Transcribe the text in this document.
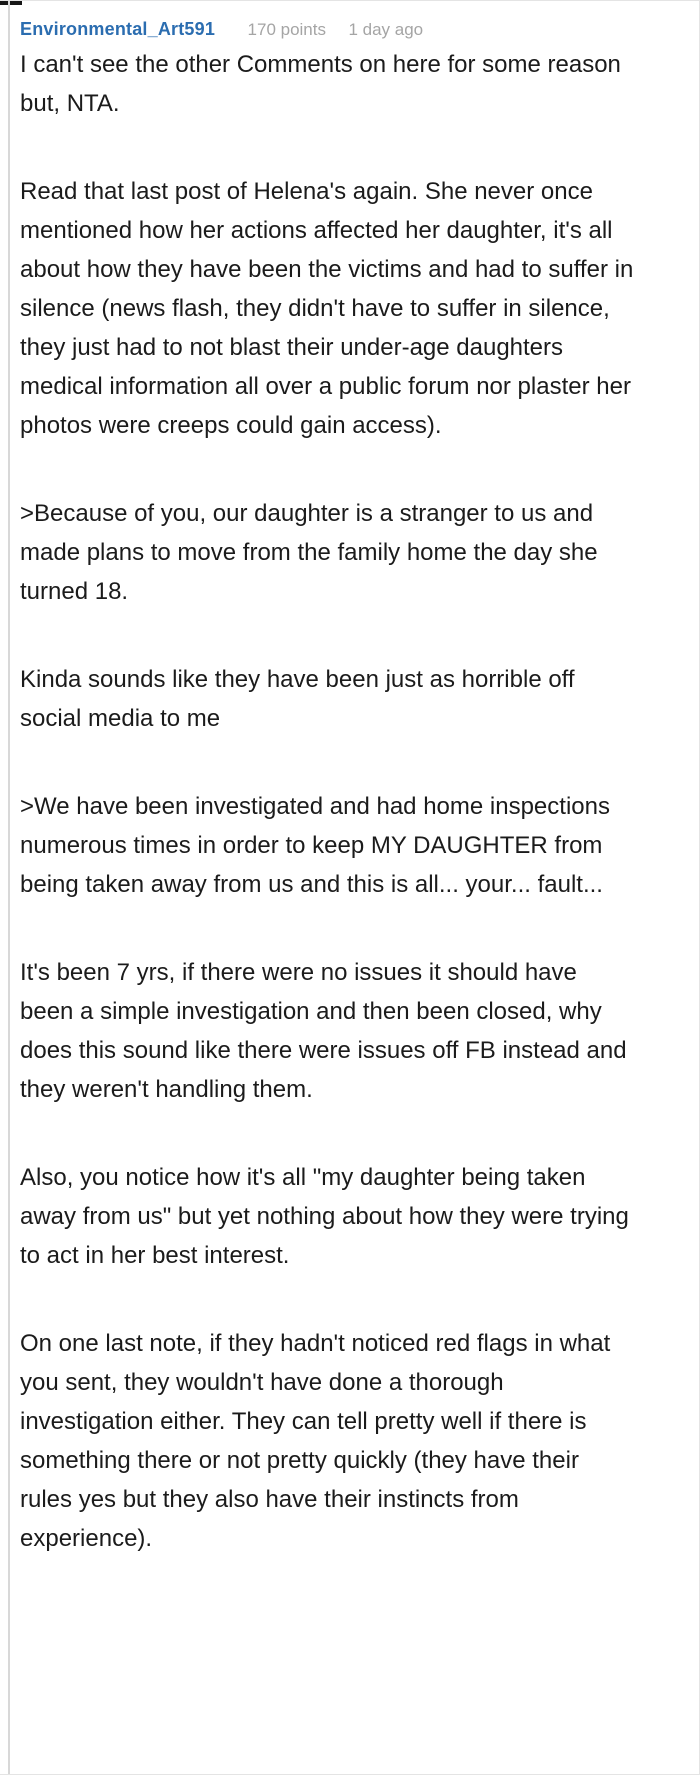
Environmental_Art591 170 points 1 day ago

I can't see the other Comments on here for some reason but, NTA.

Read that last post of Helena's again. She never once mentioned how her actions affected her daughter, it's all about how they have been the victims and had to suffer in silence (news flash, they didn't have to suffer in silence, they just had to not blast their under-age daughters medical information all over a public forum nor plaster her photos were creeps could gain access).

>Because of you, our daughter is a stranger to us and made plans to move from the family home the day she turned 18.

Kinda sounds like they have been just as horrible off social media to me

>We have been investigated and had home inspections numerous times in order to keep MY DAUGHTER from being taken away from us and this is all... your... fault...

It's been 7 yrs, if there were no issues it should have been a simple investigation and then been closed, why does this sound like there were issues off FB instead and they weren't handling them.

Also, you notice how it's all "my daughter being taken away from us" but yet nothing about how they were trying to act in her best interest.

On one last note, if they hadn't noticed red flags in what you sent, they wouldn't have done a thorough investigation either. They can tell pretty well if there is something there or not pretty quickly (they have their rules yes but they also have their instincts from experience).
